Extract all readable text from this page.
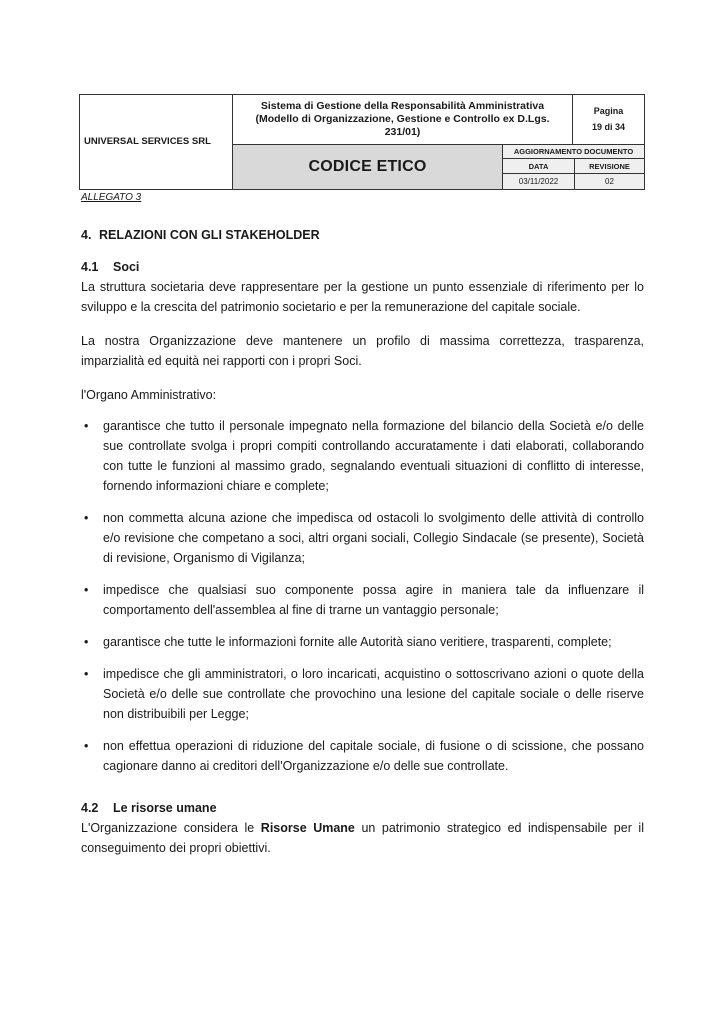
UNIVERSAL SERVICES SRL
Sistema di Gestione della Responsabilità Amministrativa (Modello di Organizzazione, Gestione e Controllo ex D.Lgs. 231/01)
Pagina
19 di 34
CODICE ETICO
AGGIORNAMENTO DOCUMENTO
DATA	REVISIONE
03/11/2022	02
ALLEGATO 3
4. RELAZIONI CON GLI STAKEHOLDER
4.1 Soci

La struttura societaria deve rappresentare per la gestione un punto essenziale di riferimento per lo sviluppo e la crescita del patrimonio societario e per la remunerazione del capitale sociale.

La nostra Organizzazione deve mantenere un profilo di massima correttezza, trasparenza, imparzialità ed equità nei rapporti con i propri Soci.

l'Organo Amministrativo:

• garantisce che tutto il personale impegnato nella formazione del bilancio della Società e/o delle sue controllate svolga i propri compiti controllando accuratamente i dati elaborati, collaborando con tutte le funzioni al massimo grado, segnalando eventuali situazioni di conflitto di interesse, fornendo informazioni chiare e complete;
• non commetta alcuna azione che impedisca od ostacoli lo svolgimento delle attività di controllo e/o revisione che competano a soci, altri organi sociali, Collegio Sindacale (se presente), Società di revisione, Organismo di Vigilanza;
• impedisce che qualsiasi suo componente possa agire in maniera tale da influenzare il comportamento dell'assemblea al fine di trarne un vantaggio personale;
• garantisce che tutte le informazioni fornite alle Autorità siano veritiere, trasparenti, complete;
• impedisce che gli amministratori, o loro incaricati, acquistino o sottoscrivano azioni o quote della Società e/o delle sue controllate che provochino una lesione del capitale sociale o delle riserve non distribuibili per Legge;
• non effettua operazioni di riduzione del capitale sociale, di fusione o di scissione, che possano cagionare danno ai creditori dell'Organizzazione e/o delle sue controllate.
4.2 Le risorse umane

L'Organizzazione considera le Risorse Umane un patrimonio strategico ed indispensabile per il conseguimento dei propri obiettivi.
